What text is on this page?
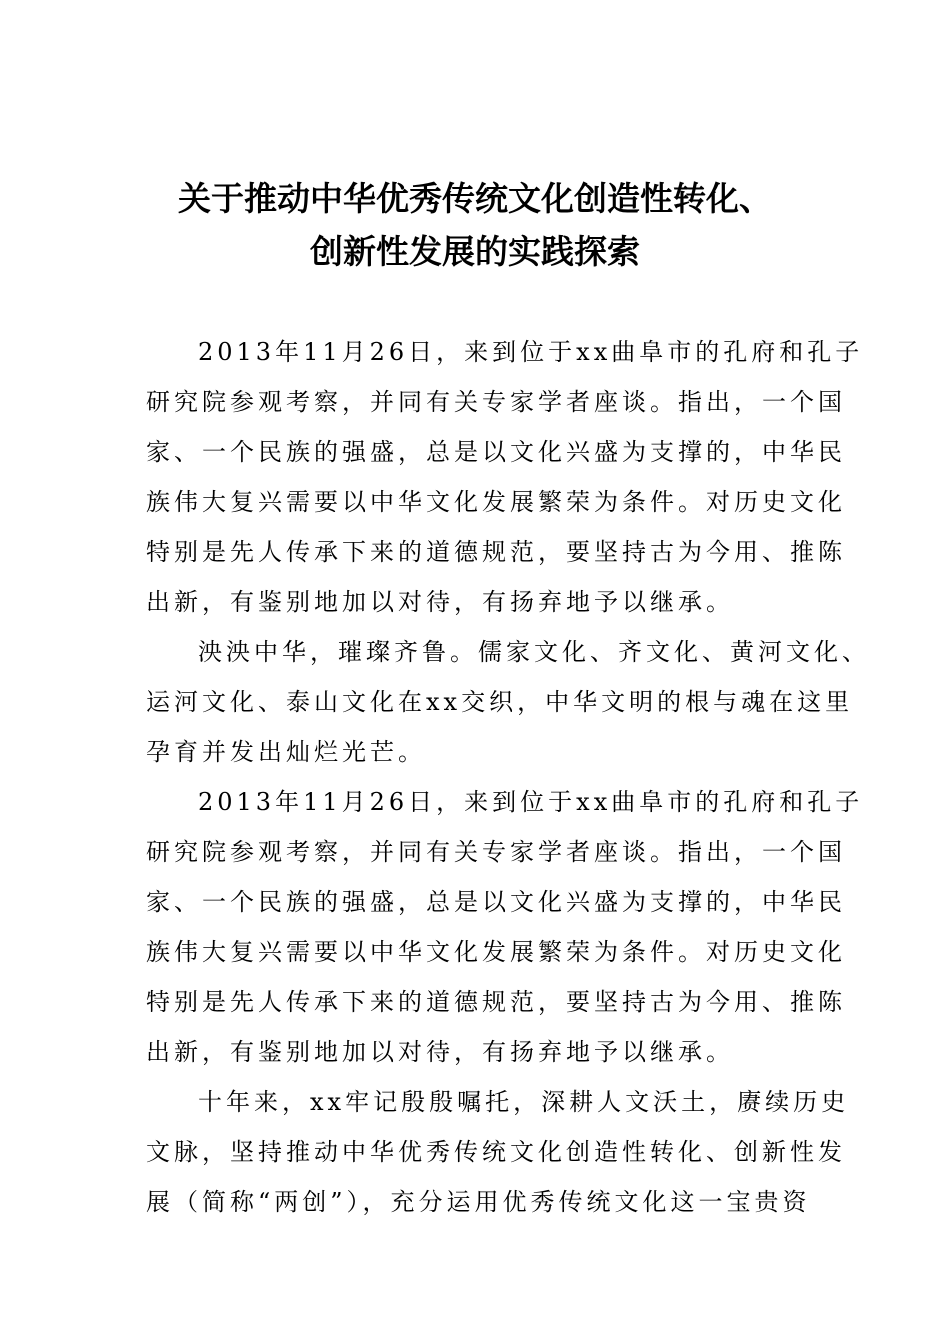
关于推动中华优秀传统文化创造性转化、
创新性发展的实践探索

2013年11月26日，来到位于xx曲阜市的孔府和孔子
研究院参观考察，并同有关专家学者座谈。指出，一个国
家、一个民族的强盛，总是以文化兴盛为支撑的，中华民
族伟大复兴需要以中华文化发展繁荣为条件。对历史文化
特别是先人传承下来的道德规范，要坚持古为今用、推陈
出新，有鉴别地加以对待，有扬弃地予以继承。

泱泱中华，璀璨齐鲁。儒家文化、齐文化、黄河文化、
运河文化、泰山文化在xx交织，中华文明的根与魂在这里
孕育并发出灿烂光芒。

2013年11月26日，来到位于xx曲阜市的孔府和孔子
研究院参观考察，并同有关专家学者座谈。指出，一个国
家、一个民族的强盛，总是以文化兴盛为支撑的，中华民
族伟大复兴需要以中华文化发展繁荣为条件。对历史文化
特别是先人传承下来的道德规范，要坚持古为今用、推陈
出新，有鉴别地加以对待，有扬弃地予以继承。

十年来，xx牢记殷殷嘱托，深耕人文沃土，赓续历史
文脉，坚持推动中华优秀传统文化创造性转化、创新性发
展（简称“两创”），充分运用优秀传统文化这一宝贵资
